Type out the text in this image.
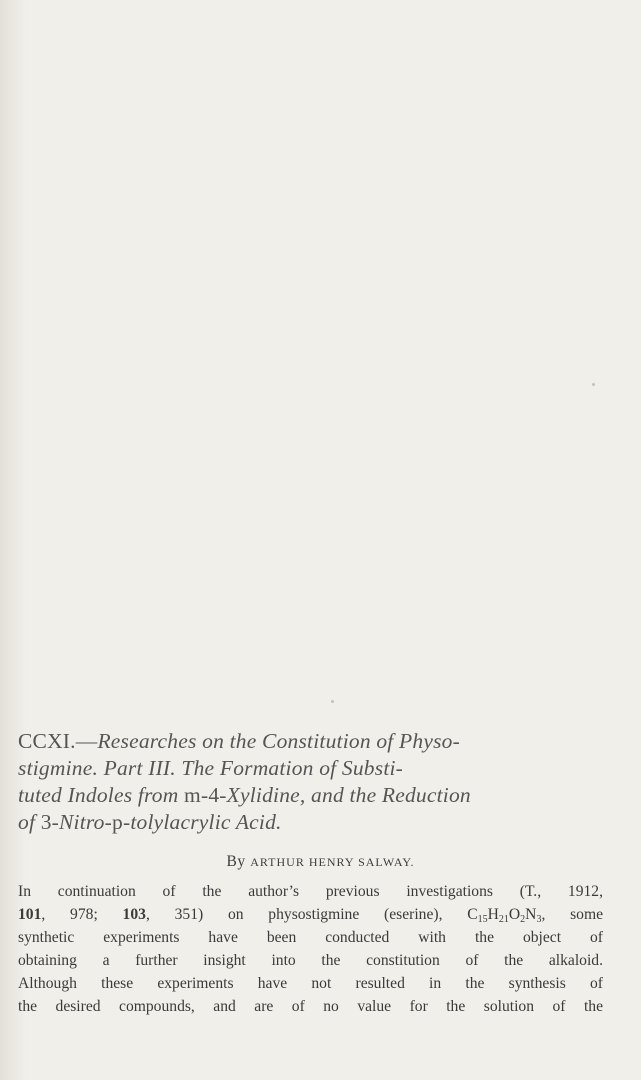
CCXI.—Researches on the Constitution of Physo-
stigmine. Part III. The Formation of Substi-
tuted Indoles from m-4-Xylidine, and the Reduction
of 3-Nitro-p-tolylacrylic Acid.
By ARTHUR HENRY SALWAY.
In continuation of the author’s previous investigations (T., 1912,
101, 978; 103, 351) on physostigmine (eserine), $C_{15}H_{21}O_2N_3$, some
synthetic experiments have been conducted with the object of
obtaining a further insight into the constitution of the alkaloid.
Although these experiments have not resulted in the synthesis of
the desired compounds, and are of no value for the solution of the
